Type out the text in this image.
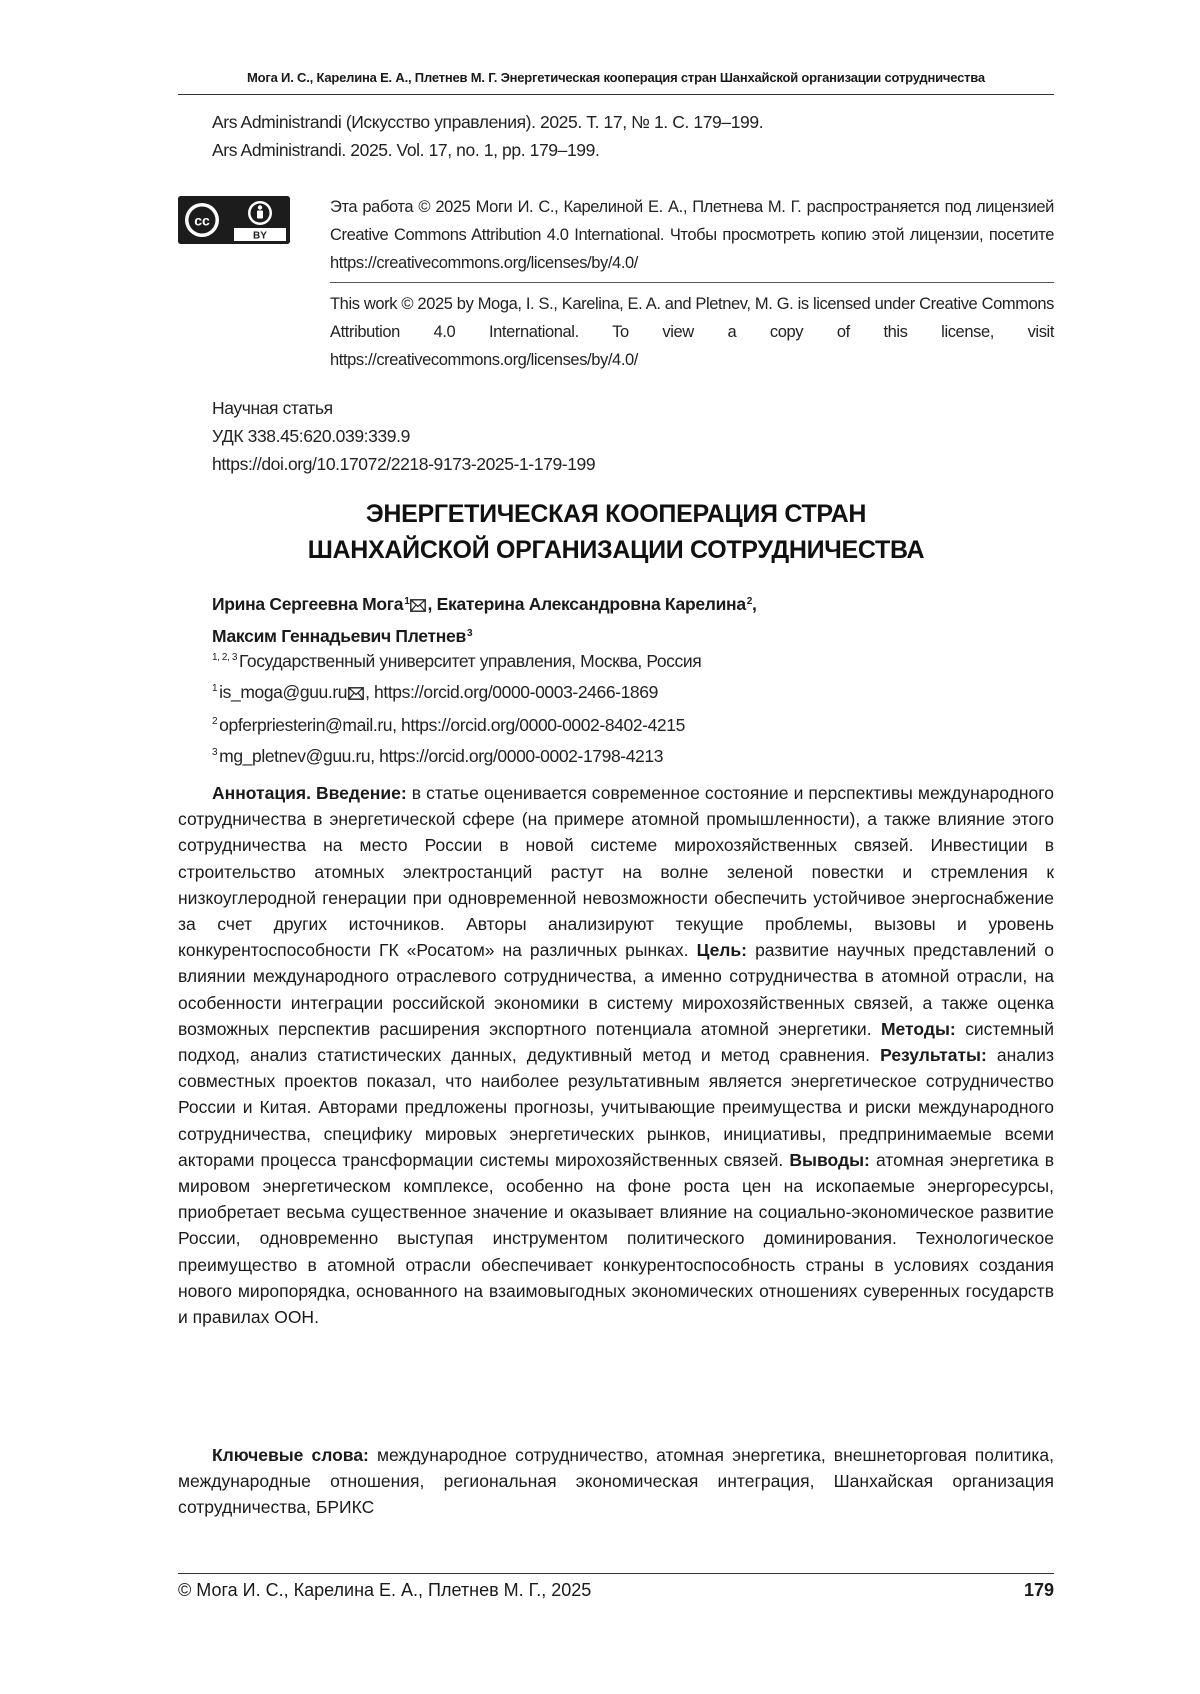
Мога И. С., Карелина Е. А., Плетнев М. Г. Энергетическая кооперация стран Шанхайской организации сотрудничества
Ars Administrandi (Искусство управления). 2025. Т. 17, № 1. С. 179–199.
Ars Administrandi. 2025. Vol. 17, no. 1, pp. 179–199.
cc
BY
Эта работа © 2025 Моги И. С., Карелиной Е. А., Плетнева М. Г. распространяется под лицензией Creative Commons Attribution 4.0 International. Чтобы просмотреть копию этой лицензии, посетите https://creativecommons.org/licenses/by/4.0/
This work © 2025 by Moga, I. S., Karelina, E. A. and Pletnev, M. G. is licensed under Creative Commons Attribution 4.0 International. To view a copy of this license, visit https://creativecommons.org/licenses/by/4.0/
Научная статья
УДК 338.45:620.039:339.9
https://doi.org/10.17072/2218-9173-2025-1-179-199
ЭНЕРГЕТИЧЕСКАЯ КООПЕРАЦИЯ СТРАН
ШАНХАЙСКОЙ ОРГАНИЗАЦИИ СОТРУДНИЧЕСТВА
Ирина Сергеевна Мога$^1$ , Екатерина Александровна Карелина$^2$,
Максим Геннадьевич Плетнев$^3$
$^{1, 2, 3}$ Государственный университет управления, Москва, Россия
$^1$ is_moga@guu.ru , https://orcid.org/0000-0003-2466-1869
$^2$ opferpriesterin@mail.ru, https://orcid.org/0000-0002-8402-4215
$^3$ mg_pletnev@guu.ru, https://orcid.org/0000-0002-1798-4213
Аннотация. Введение: в статье оценивается современное состояние и перспективы международного сотрудничества в энергетической сфере (на примере атомной промышленности), а также влияние этого сотрудничества на место России в новой системе мирохозяйственных связей. Инвестиции в строительство атомных электростанций растут на волне зеленой повестки и стремления к низкоуглеродной генерации при одновременной невозможности обеспечить устойчивое энергоснабжение за счет других источников. Авторы анализируют текущие проблемы, вызовы и уровень конкурентоспособности ГК «Росатом» на различных рынках. Цель: развитие научных представлений о влиянии международного отраслевого сотрудничества, а именно сотрудничества в атомной отрасли, на особенности интеграции российской экономики в систему мирохозяйственных связей, а также оценка возможных перспектив расширения экспортного потенциала атомной энергетики. Методы: системный подход, анализ статистических данных, дедуктивный метод и метод сравнения. Результаты: анализ совместных проектов показал, что наиболее результативным является энергетическое сотрудничество России и Китая. Авторами предложены прогнозы, учитывающие преимущества и риски международного сотрудничества, специфику мировых энергетических рынков, инициативы, предпринимаемые всеми акторами процесса трансформации системы мирохозяйственных связей. Выводы: атомная энергетика в мировом энергетическом комплексе, особенно на фоне роста цен на ископаемые энергоресурсы, приобретает весьма существенное значение и оказывает влияние на социально-экономическое развитие России, одновременно выступая инструментом политического доминирования. Технологическое преимущество в атомной отрасли обеспечивает конкурентоспособность страны в условиях создания нового миропорядка, основанного на взаимовыгодных экономических отношениях суверенных государств и правилах ООН.
Ключевые слова: международное сотрудничество, атомная энергетика, внешнеторговая политика, международные отношения, региональная экономическая интеграция, Шанхайская организация сотрудничества, БРИКС
© Мога И. С., Карелина Е. А., Плетнев М. Г., 2025	179
